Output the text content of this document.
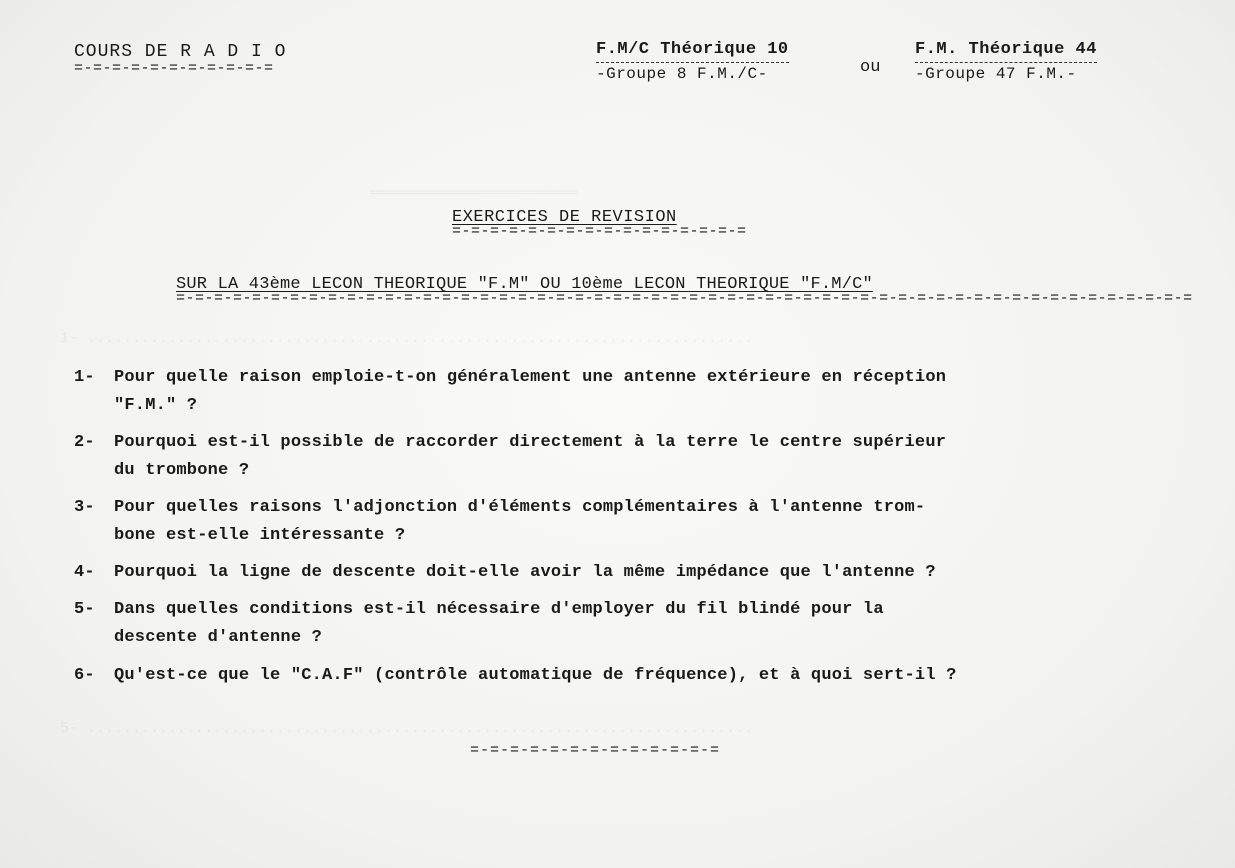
═══════════════════════
1- ..........................................................................
5- ..........................................................................
COURS DE R A D I O
=-=-=-=-=-=-=-=-=-=-=
F.M/C Théorique 10
-Groupe 8 F.M./C-	ou
F.M. Théorique 44
-Groupe 47 F.M.-
EXERCICES DE REVISION
=-=-=-=-=-=-=-=-=-=-=-=-=-=-=-=
SUR LA 43ème LECON THEORIQUE "F.M" OU 10ème LECON THEORIQUE "F.M/C"
=-=-=-=-=-=-=-=-=-=-=-=-=-=-=-=-=-=-=-=-=-=-=-=-=-=-=-=-=-=-=-=-=-=-=-=-=-=-=-=-=-=-=-=-=-=-=-=-=-=-=-=-=-=
1-	Pour quelle raison emploie-t-on généralement une antenne extérieure en réception
"F.M." ?
2-	Pourquoi est-il possible de raccorder directement à la terre le centre supérieur
du trombone ?
3-	Pour quelles raisons l'adjonction d'éléments complémentaires à l'antenne trom-
bone est-elle intéressante ?
4-	Pourquoi la ligne de descente doit-elle avoir la même impédance que l'antenne ?
5-	Dans quelles conditions est-il nécessaire d'employer du fil blindé pour la
descente d'antenne ?
6-	Qu'est-ce que le "C.A.F" (contrôle automatique de fréquence), et à quoi sert-il ?
=-=-=-=-=-=-=-=-=-=-=-=-=
